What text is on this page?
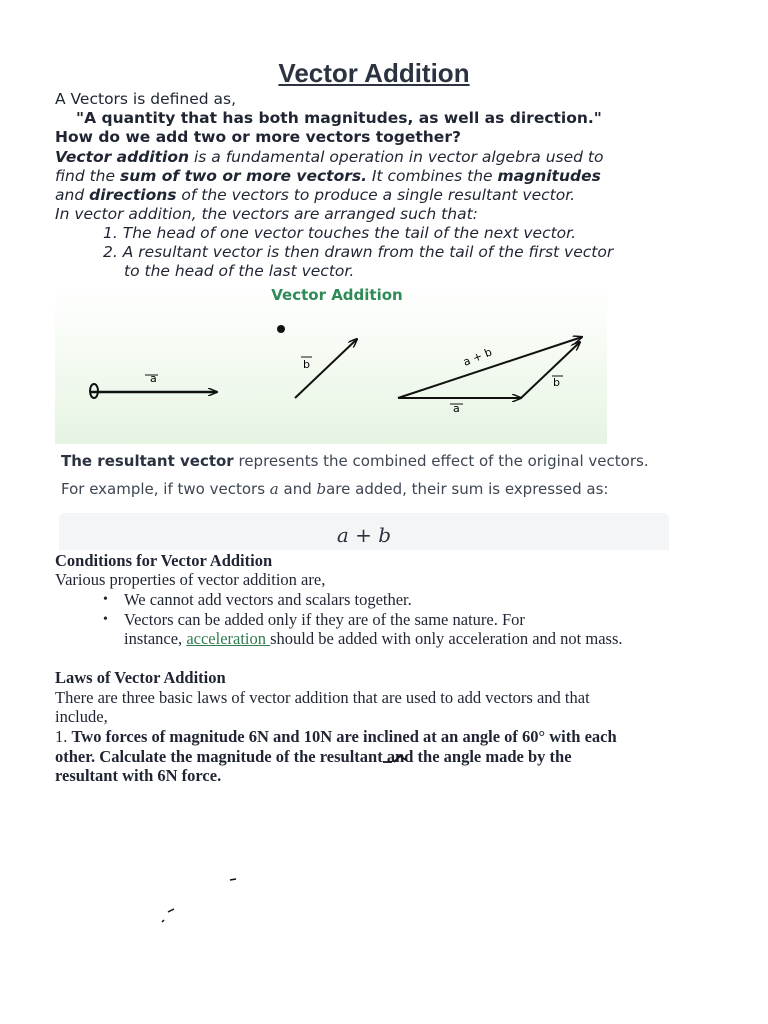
Vector Addition
A Vectors is defined as,
"A quantity that has both magnitudes, as well as direction."
How do we add two or more vectors together?
Vector addition is a fundamental operation in vector algebra used to
find the sum of two or more vectors. It combines the magnitudes
and directions of the vectors to produce a single resultant vector.
In vector addition, the vectors are arranged such that:
1. The head of one vector touches the tail of the next vector.
2. A resultant vector is then drawn from the tail of the first vector
to the head of the last vector.
Vector Addition
a
b
a
b
a + b
The resultant vector represents the combined effect of the original vectors.
For example, if two vectors a and bare added, their sum is expressed as:
a + b
Conditions for Vector Addition
Various properties of vector addition are,
• We cannot add vectors and scalars together.
• Vectors can be added only if they are of the same nature. For
instance, acceleration should be added with only acceleration and not mass.
Laws of Vector Addition
There are three basic laws of vector addition that are used to add vectors and that
include,
1. Two forces of magnitude 6N and 10N are inclined at an angle of 60° with each
other. Calculate the magnitude of the resultant and the angle made by the
resultant with 6N force.
